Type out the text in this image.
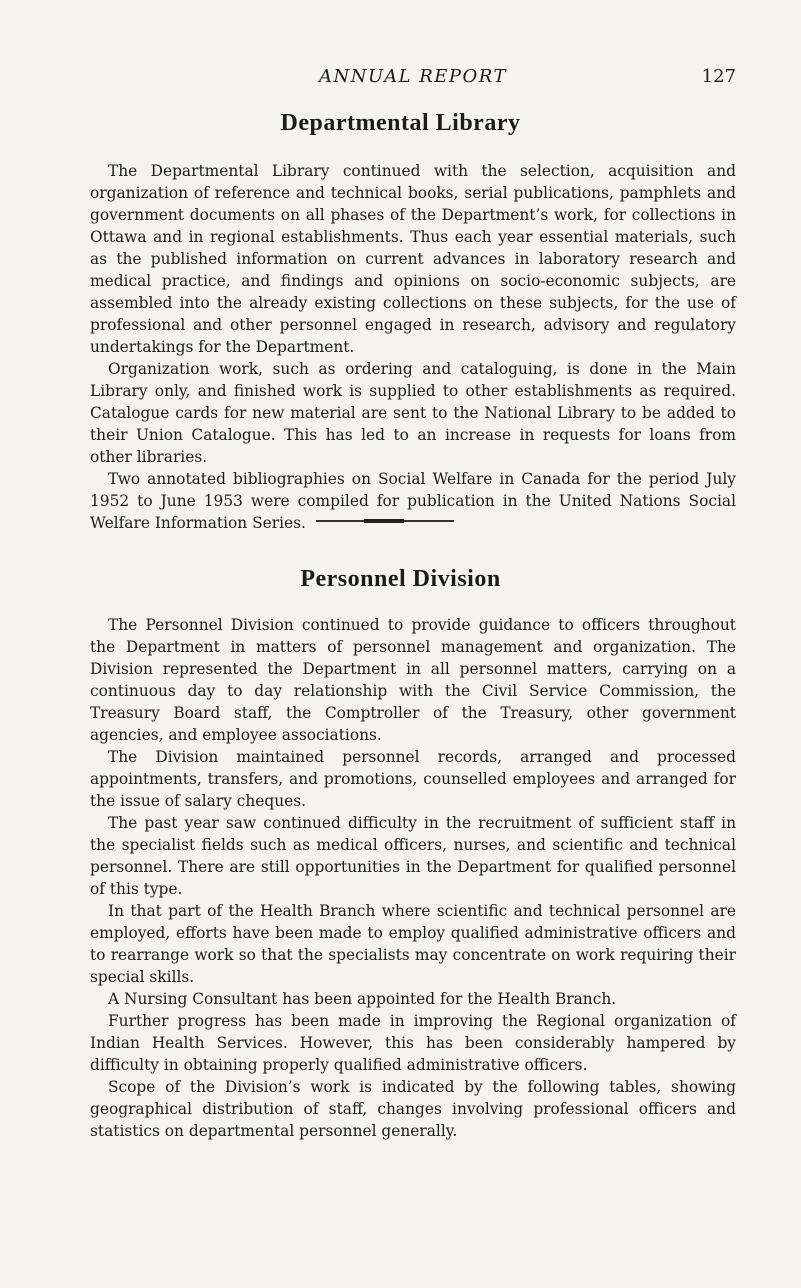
ANNUAL REPORT	127
Departmental Library

The Departmental Library continued with the selection, acquisition and organization of reference and technical books, serial publications, pamphlets and government documents on all phases of the Department’s work, for collections in Ottawa and in regional establishments. Thus each year essential materials, such as the published information on current advances in laboratory research and medical practice, and findings and opinions on socio-economic subjects, are assembled into the already existing collections on these subjects, for the use of professional and other personnel engaged in research, advisory and regulatory undertakings for the Department.

Organization work, such as ordering and cataloguing, is done in the Main Library only, and finished work is supplied to other establishments as required. Catalogue cards for new material are sent to the National Library to be added to their Union Catalogue. This has led to an increase in requests for loans from other libraries.

Two annotated bibliographies on Social Welfare in Canada for the period July 1952 to June 1953 were compiled for publication in the United Nations Social Welfare Information Series.

Personnel Division

The Personnel Division continued to provide guidance to officers throughout the Department in matters of personnel management and organization. The Division represented the Department in all personnel matters, carrying on a continuous day to day relationship with the Civil Service Commission, the Treasury Board staff, the Comptroller of the Treasury, other government agencies, and employee associations.

The Division maintained personnel records, arranged and processed appointments, transfers, and promotions, counselled employees and arranged for the issue of salary cheques.

The past year saw continued difficulty in the recruitment of sufficient staff in the specialist fields such as medical officers, nurses, and scientific and technical personnel. There are still opportunities in the Department for qualified personnel of this type.

In that part of the Health Branch where scientific and technical personnel are employed, efforts have been made to employ qualified administrative officers and to rearrange work so that the specialists may concentrate on work requiring their special skills.

A Nursing Consultant has been appointed for the Health Branch.

Further progress has been made in improving the Regional organization of Indian Health Services. However, this has been considerably hampered by difficulty in obtaining properly qualified administrative officers.

Scope of the Division’s work is indicated by the following tables, showing geographical distribution of staff, changes involving professional officers and statistics on departmental personnel generally.
